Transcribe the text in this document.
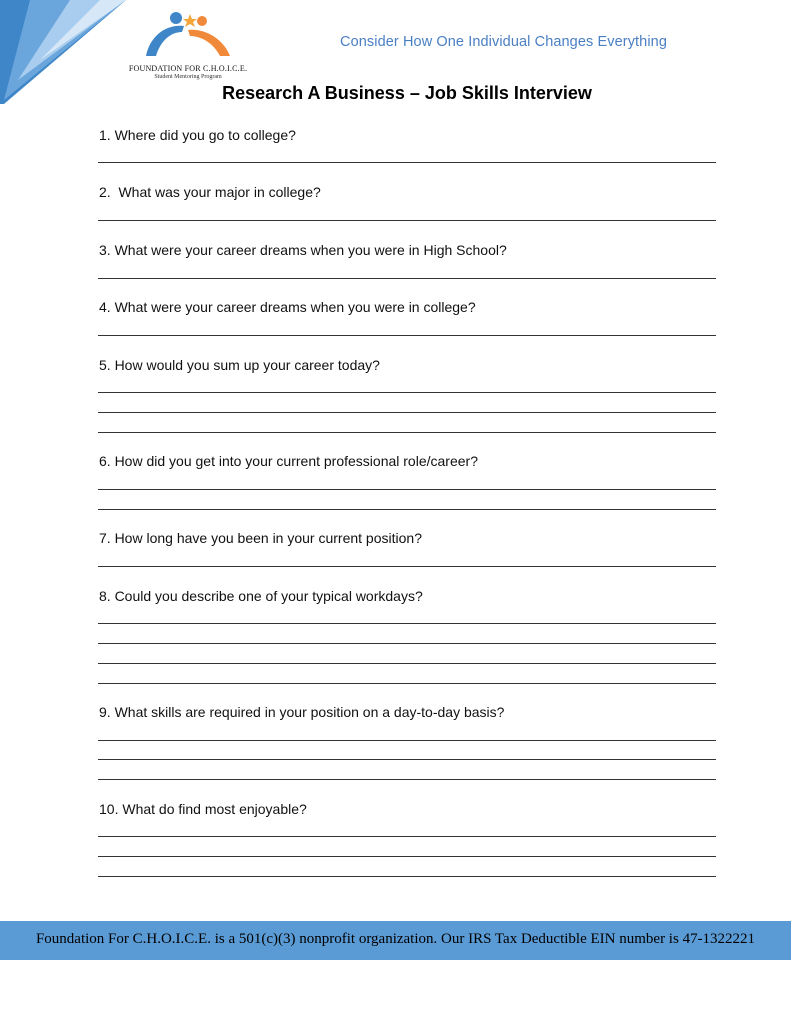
FOUNDATION FOR C.H.O.I.C.E.
Student Mentoring Program
Consider How One Individual Changes Everything
Research A Business – Job Skills Interview
1. Where did you go to college?
2.  What was your major in college?
3. What were your career dreams when you were in High School?
4. What were your career dreams when you were in college?
5. How would you sum up your career today?
6. How did you get into your current professional role/career?
7. How long have you been in your current position?
8. Could you describe one of your typical workdays?
9. What skills are required in your position on a day-to-day basis?
10. What do find most enjoyable?
Foundation For C.H.O.I.C.E. is a 501(c)(3) nonprofit organization. Our IRS Tax Deductible EIN number is 47-1322221
